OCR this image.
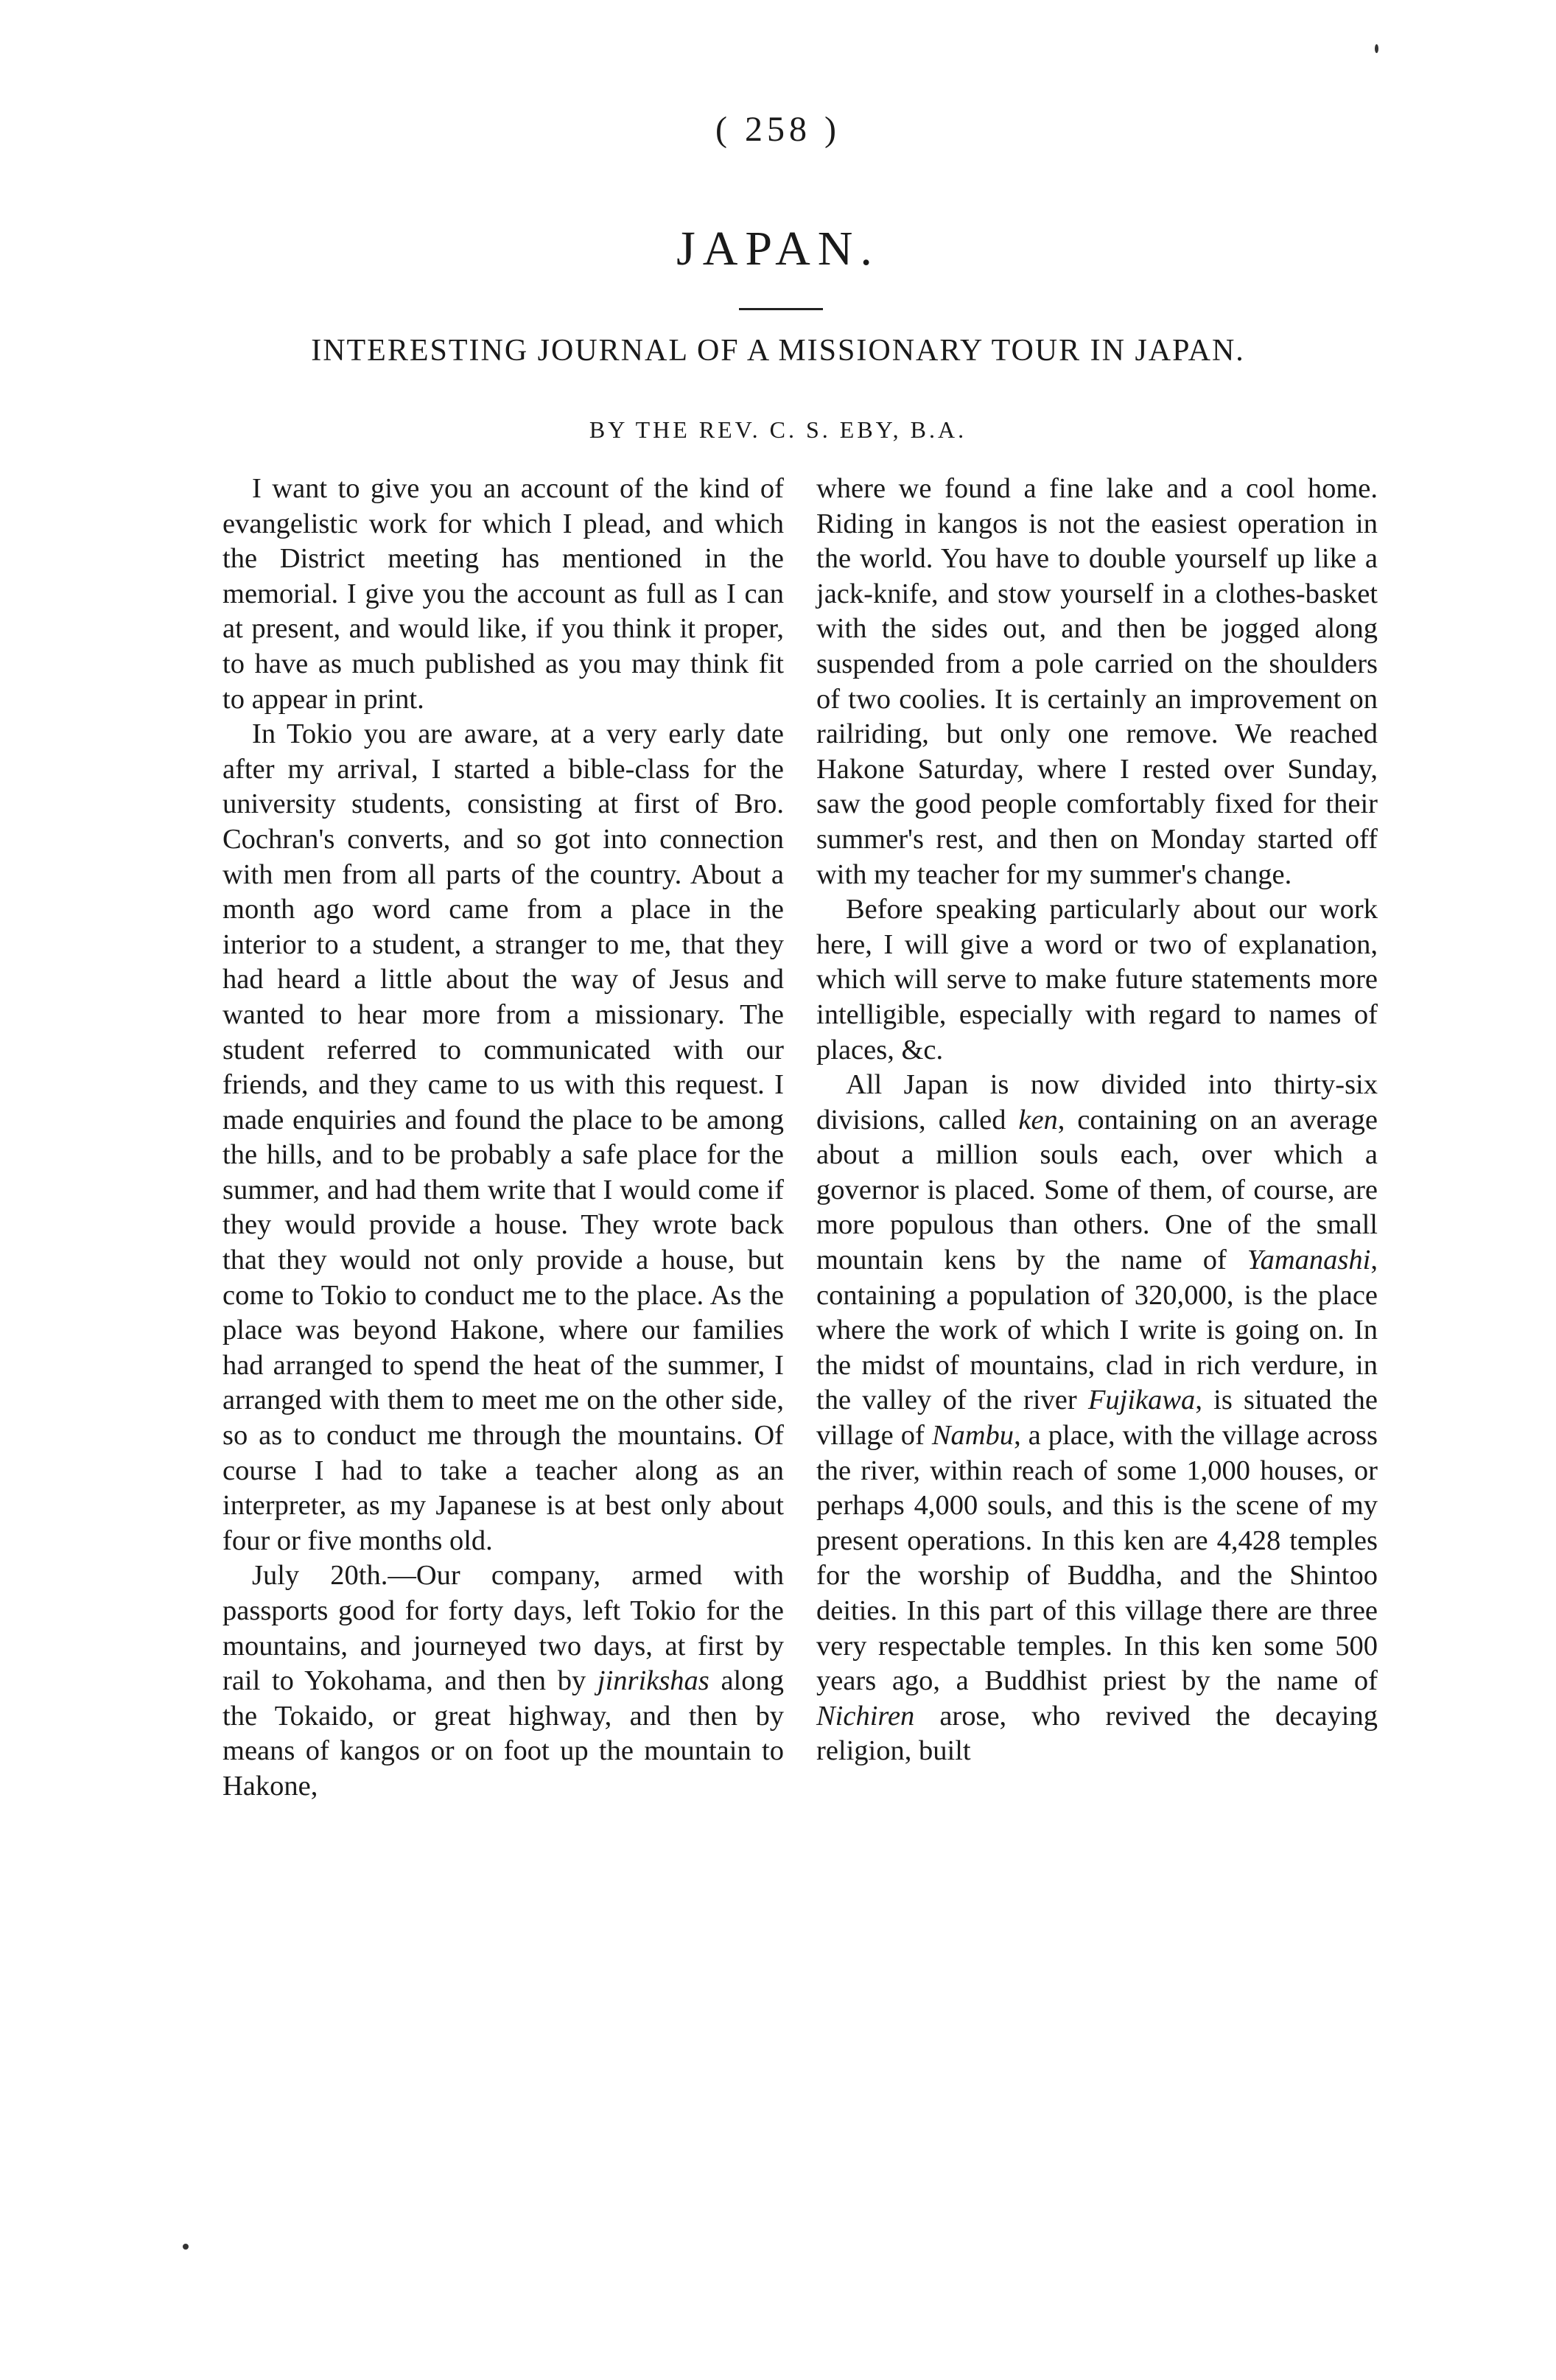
( 258 )
JAPAN.
INTERESTING JOURNAL OF A MISSIONARY TOUR IN JAPAN.
BY THE REV. C. S. EBY, B.A.

I want to give you an account of the kind of evangelistic work for which I plead, and which the District meeting has mentioned in the memorial. I give you the account as full as I can at present, and would like, if you think it proper, to have as much published as you may think fit to appear in print.

In Tokio you are aware, at a very early date after my arrival, I started a bible-class for the university students, consisting at first of Bro. Cochran's converts, and so got into connection with men from all parts of the country. About a month ago word came from a place in the interior to a student, a stranger to me, that they had heard a little about the way of Jesus and wanted to hear more from a missionary. The student referred to communicated with our friends, and they came to us with this request. I made enquiries and found the place to be among the hills, and to be probably a safe place for the summer, and had them write that I would come if they would provide a house. They wrote back that they would not only provide a house, but come to Tokio to conduct me to the place. As the place was beyond Hakone, where our families had arranged to spend the heat of the summer, I arranged with them to meet me on the other side, so as to conduct me through the mountains. Of course I had to take a teacher along as an interpreter, as my Japanese is at best only about four or five months old.

July 20th.—Our company, armed with passports good for forty days, left Tokio for the mountains, and journeyed two days, at first by rail to Yokohama, and then by jinrikshas along the Tokaido, or great highway, and then by means of kangos or on foot up the mountain to Hakone,

where we found a fine lake and a cool home. Riding in kangos is not the easiest operation in the world. You have to double yourself up like a jack-knife, and stow yourself in a clothes-basket with the sides out, and then be jogged along suspended from a pole carried on the shoulders of two coolies. It is certainly an improvement on railriding, but only one remove. We reached Hakone Saturday, where I rested over Sunday, saw the good people comfortably fixed for their summer's rest, and then on Monday started off with my teacher for my summer's change.

Before speaking particularly about our work here, I will give a word or two of explanation, which will serve to make future statements more intelligible, especially with regard to names of places, &c.

All Japan is now divided into thirty-six divisions, called ken, containing on an average about a million souls each, over which a governor is placed. Some of them, of course, are more populous than others. One of the small mountain kens by the name of Yamanashi, containing a population of 320,000, is the place where the work of which I write is going on. In the midst of mountains, clad in rich verdure, in the valley of the river Fujikawa, is situated the village of Nambu, a place, with the village across the river, within reach of some 1,000 houses, or perhaps 4,000 souls, and this is the scene of my present operations. In this ken are 4,428 temples for the worship of Buddha, and the Shintoo deities. In this part of this village there are three very respectable temples. In this ken some 500 years ago, a Buddhist priest by the name of Nichiren arose, who revived the decaying religion, built
